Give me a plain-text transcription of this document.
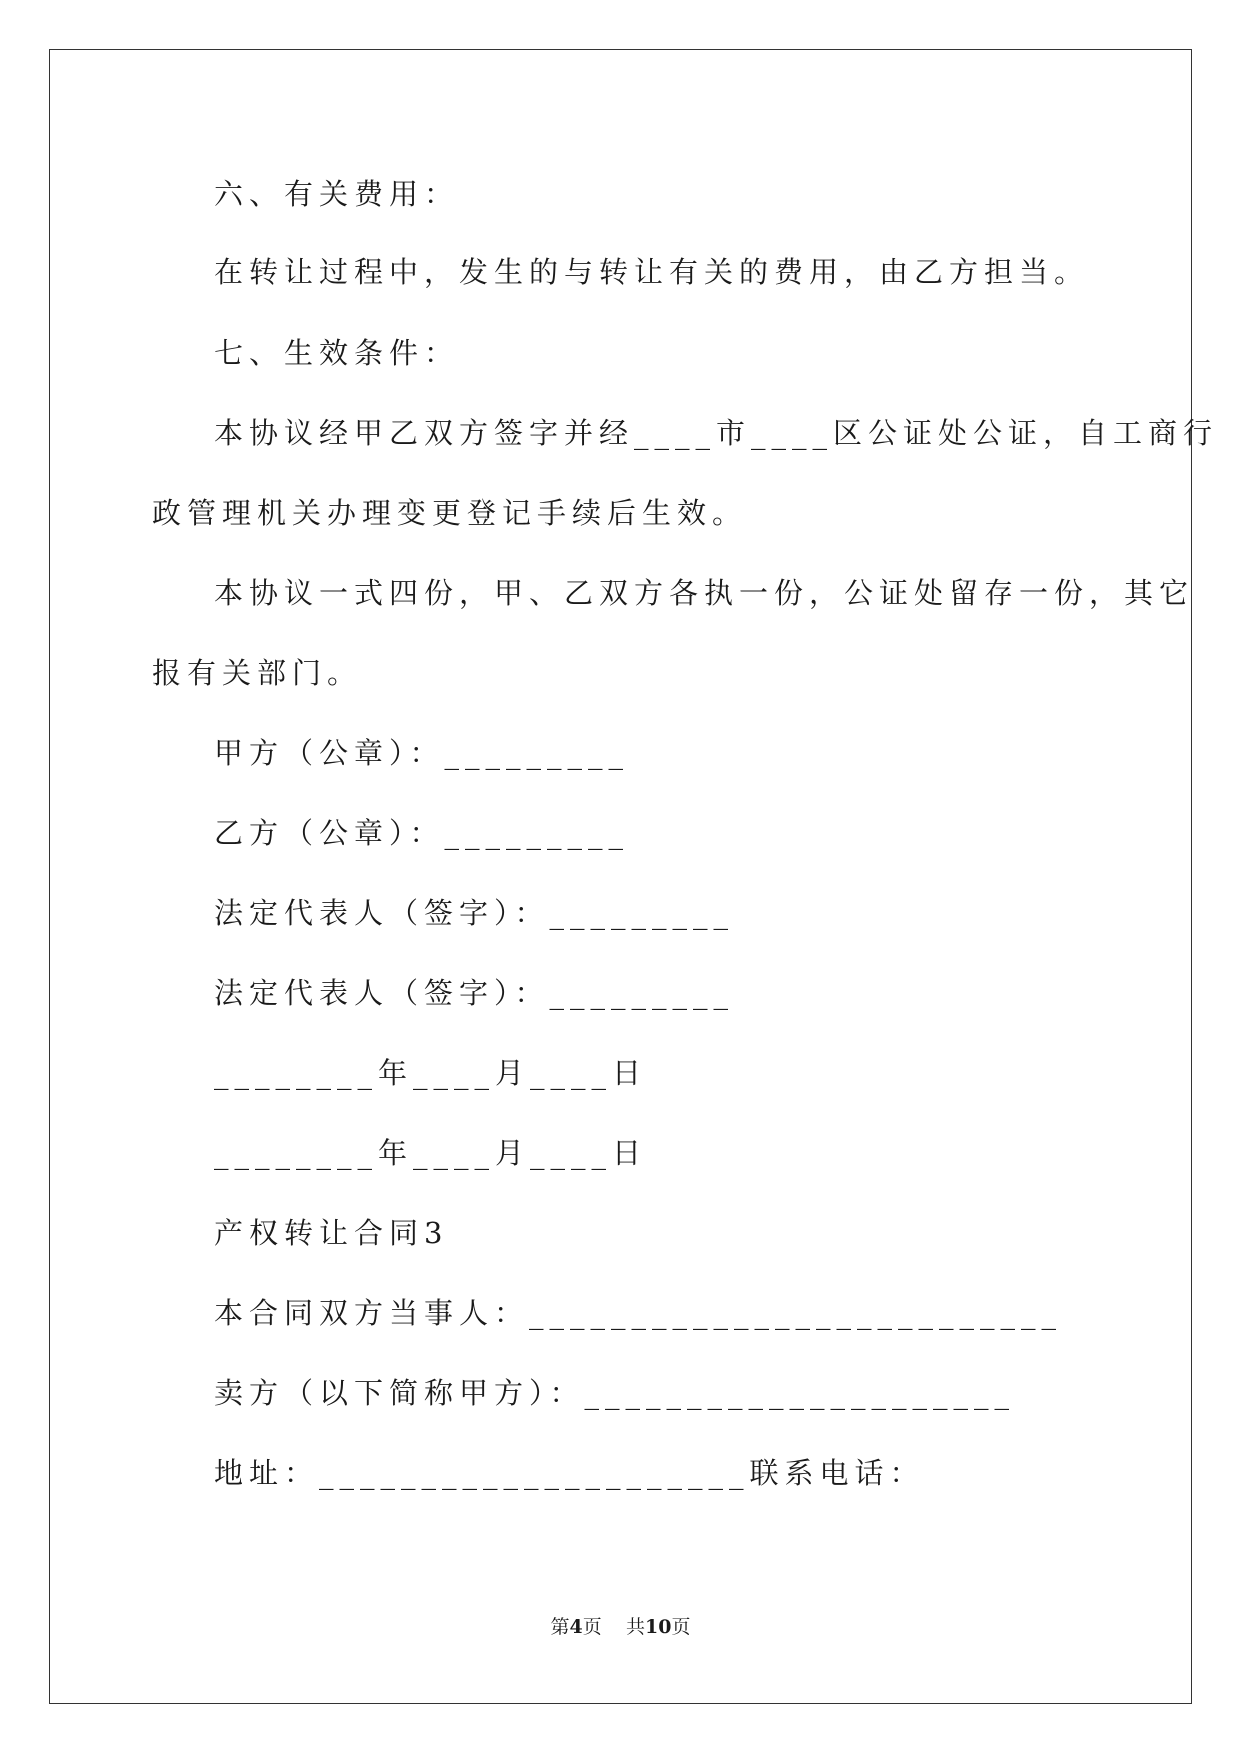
六、有关费用：
在转让过程中，发生的与转让有关的费用，由乙方担当。
七、生效条件：
本协议经甲乙双方签字并经____市____区公证处公证，自工商行
政管理机关办理变更登记手续后生效。
本协议一式四份，甲、乙双方各执一份，公证处留存一份，其它
报有关部门。
甲方（公章）：_________
乙方（公章）：_________
法定代表人（签字）：_________
法定代表人（签字）：_________
________年____月____日
________年____月____日
产权转让合同3
本合同双方当事人：__________________________
卖方（以下简称甲方）：_____________________
地址：_____________________联系电话：
第4页 共10页
